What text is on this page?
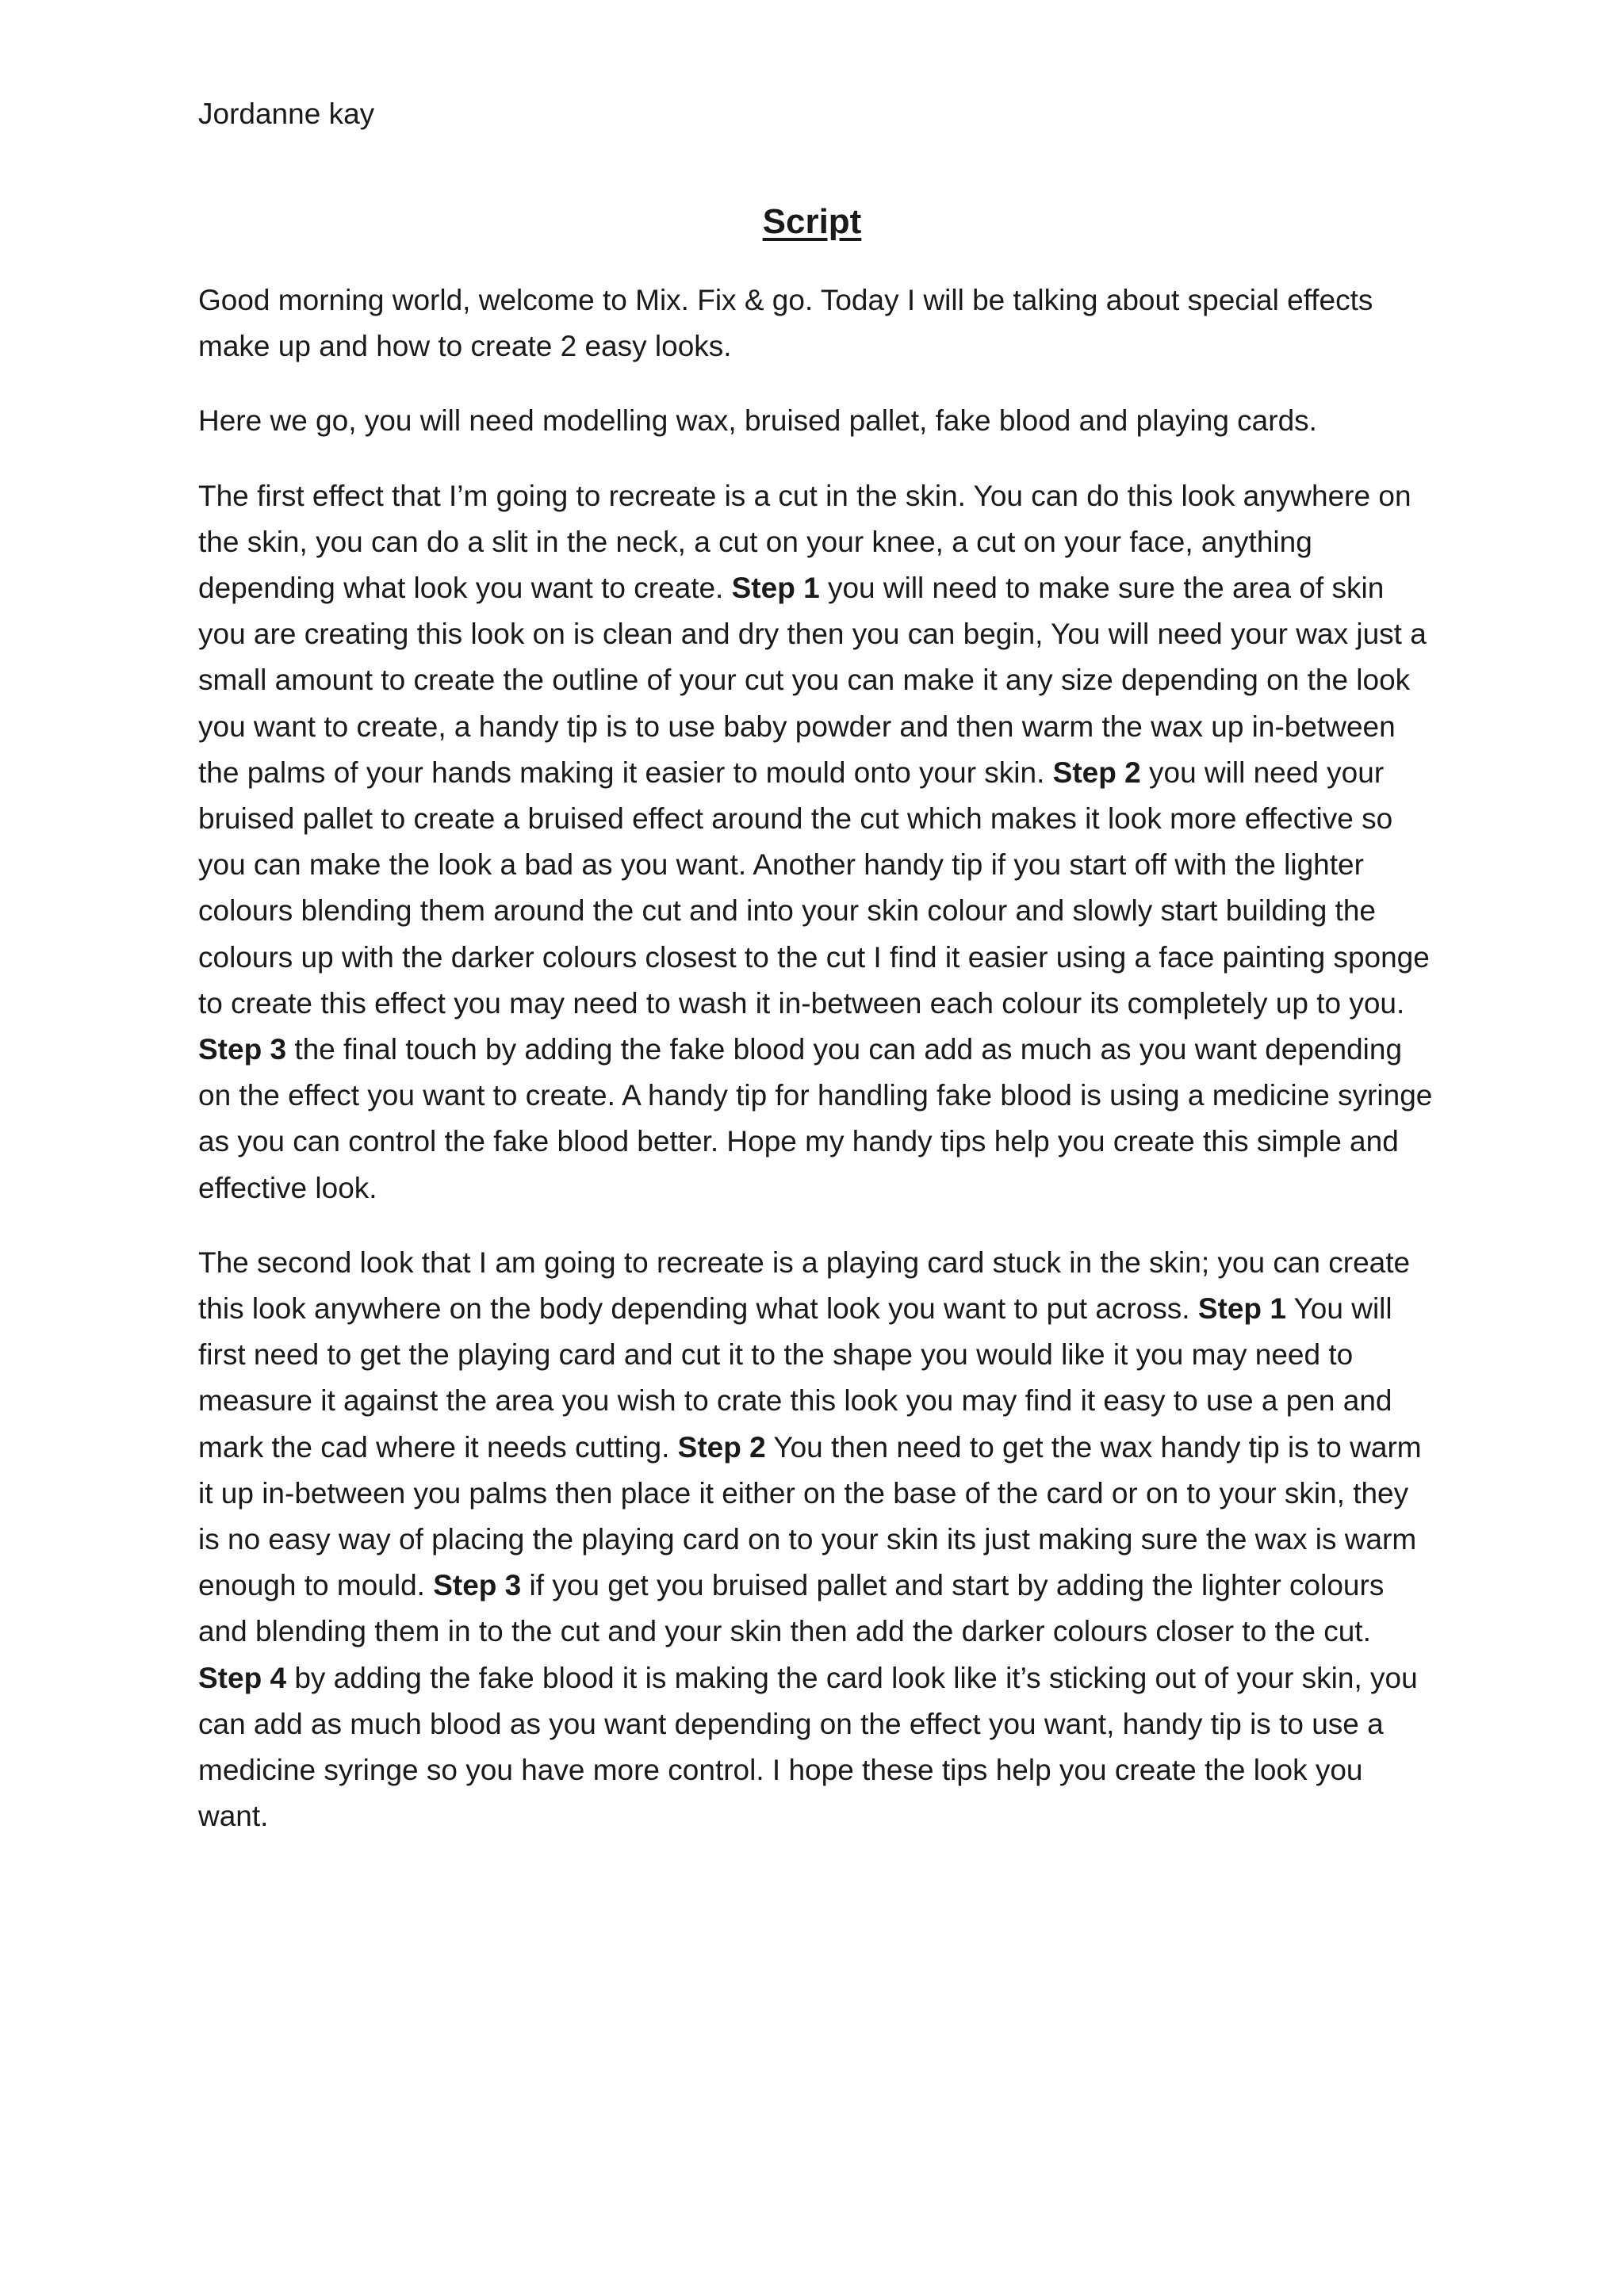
Jordanne kay
Script

Good morning world, welcome to Mix. Fix & go. Today I will be talking about special effects make up and how to create 2 easy looks.

Here we go, you will need modelling wax, bruised pallet, fake blood and playing cards.

The first effect that I’m going to recreate is a cut in the skin. You can do this look anywhere on the skin, you can do a slit in the neck, a cut on your knee, a cut on your face, anything depending what look you want to create. Step 1 you will need to make sure the area of skin you are creating this look on is clean and dry then you can begin, You will need your wax just a small amount to create the outline of your cut you can make it any size depending on the look you want to create, a handy tip is to use baby powder and then warm the wax up in-between the palms of your hands making it easier to mould onto your skin. Step 2 you will need your bruised pallet to create a bruised effect around the cut which makes it look more effective so you can make the look a bad as you want. Another handy tip if you start off with the lighter colours blending them around the cut and into your skin colour and slowly start building the colours up with the darker colours closest to the cut I find it easier using a face painting sponge to create this effect you may need to wash it in-between each colour its completely up to you. Step 3 the final touch by adding the fake blood you can add as much as you want depending on the effect you want to create. A handy tip for handling fake blood is using a medicine syringe as you can control the fake blood better. Hope my handy tips help you create this simple and effective look.

The second look that I am going to recreate is a playing card stuck in the skin; you can create this look anywhere on the body depending what look you want to put across. Step 1 You will first need to get the playing card and cut it to the shape you would like it you may need to measure it against the area you wish to crate this look you may find it easy to use a pen and mark the cad where it needs cutting. Step 2 You then need to get the wax handy tip is to warm it up in-between you palms then place it either on the base of the card or on to your skin, they is no easy way of placing the playing card on to your skin its just making sure the wax is warm enough to mould. Step 3 if you get you bruised pallet and start by adding the lighter colours and blending them in to the cut and your skin then add the darker colours closer to the cut. Step 4 by adding the fake blood it is making the card look like it’s sticking out of your skin, you can add as much blood as you want depending on the effect you want, handy tip is to use a medicine syringe so you have more control. I hope these tips help you create the look you want.
